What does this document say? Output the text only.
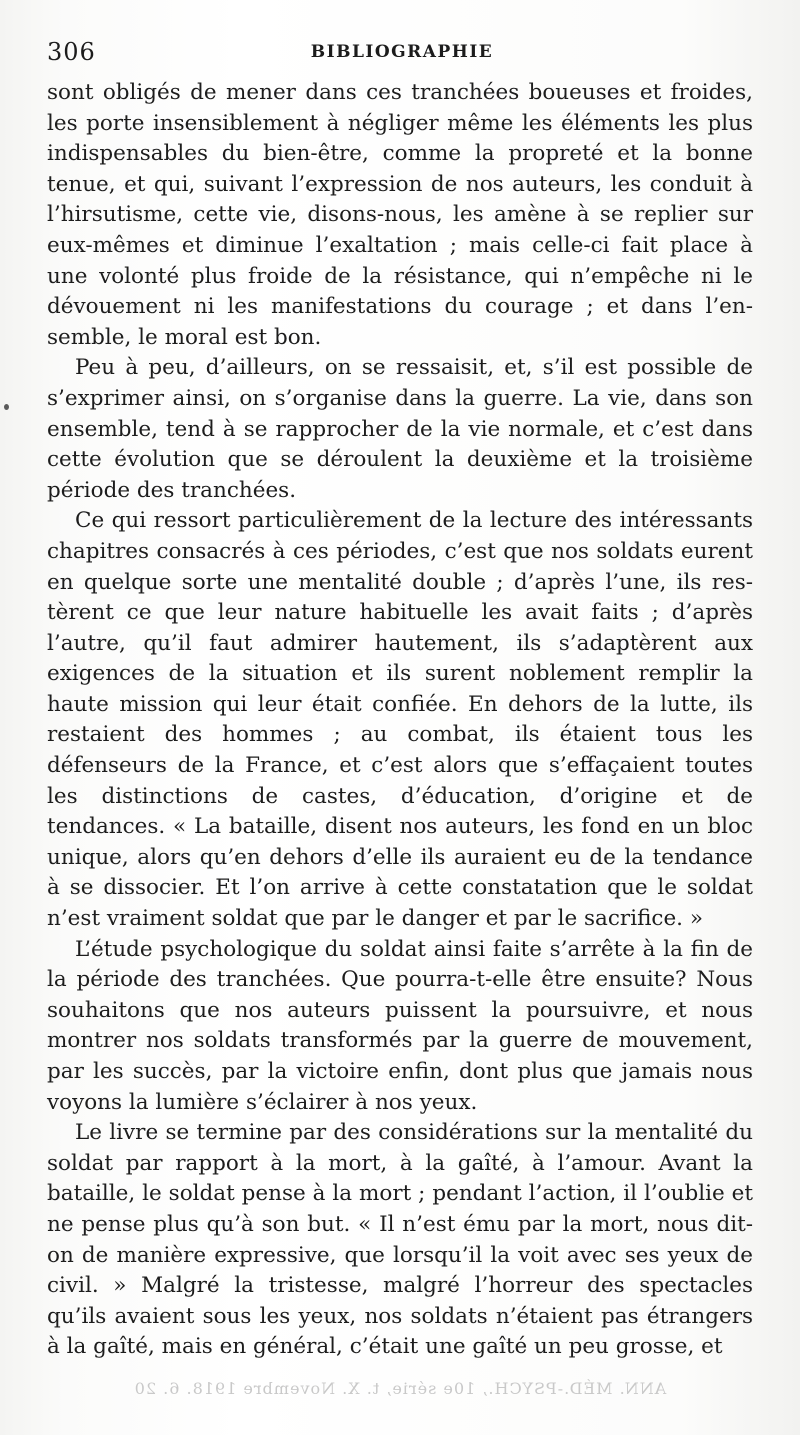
306	BIBLIOGRAPHIE

sont obligés de mener dans ces tranchées boueuses et froides, les porte insensiblement à négliger même les éléments les plus indispensables du bien-être, comme la propreté et la bonne tenue, et qui, suivant l’expression de nos auteurs, les conduit à l’hirsutisme, cette vie, disons-nous, les amène à se replier sur eux-mêmes et diminue l’exaltation ; mais celle-ci fait place à une volonté plus froide de la résistance, qui n’empêche ni le dévouement ni les manifestations du courage ; et dans l’ensemble, le moral est bon.

Peu à peu, d’ailleurs, on se ressaisit, et, s’il est possible de s’exprimer ainsi, on s’organise dans la guerre. La vie, dans son ensemble, tend à se rapprocher de la vie normale, et c’est dans cette évolution que se déroulent la deuxième et la troisième période des tranchées.

Ce qui ressort particulièrement de la lecture des intéressants chapitres consacrés à ces périodes, c’est que nos soldats eurent en quelque sorte une mentalité double ; d’après l’une, ils restèrent ce que leur nature habituelle les avait faits ; d’après l’autre, qu’il faut admirer hautement, ils s’adaptèrent aux exigences de la situation et ils surent noblement remplir la haute mission qui leur était confiée. En dehors de la lutte, ils restaient des hommes ; au combat, ils étaient tous les défenseurs de la France, et c’est alors que s’effaçaient toutes les distinctions de castes, d’éducation, d’origine et de tendances. « La bataille, disent nos auteurs, les fond en un bloc unique, alors qu’en dehors d’elle ils auraient eu de la tendance à se dissocier. Et l’on arrive à cette constatation que le soldat n’est vraiment soldat que par le danger et par le sacrifice. »

L’étude psychologique du soldat ainsi faite s’arrête à la fin de la période des tranchées. Que pourra-t-elle être ensuite? Nous souhaitons que nos auteurs puissent la poursuivre, et nous montrer nos soldats transformés par la guerre de mouvement, par les succès, par la victoire enfin, dont plus que jamais nous voyons la lumière s’éclairer à nos yeux.

Le livre se termine par des considérations sur la mentalité du soldat par rapport à la mort, à la gaîté, à l’amour. Avant la bataille, le soldat pense à la mort ; pendant l’action, il l’oublie et ne pense plus qu’à son but. « Il n’est ému par la mort, nous dit-on de manière expressive, que lorsqu’il la voit avec ses yeux de civil. » Malgré la tristesse, malgré l’horreur des spectacles qu’ils avaient sous les yeux, nos soldats n’étaient pas étrangers à la gaîté, mais en général, c’était une gaîté un peu grosse, et

ANN. MÉD.-PSYCH., 10e série, t. X. Novembre 1918. 6. 20
